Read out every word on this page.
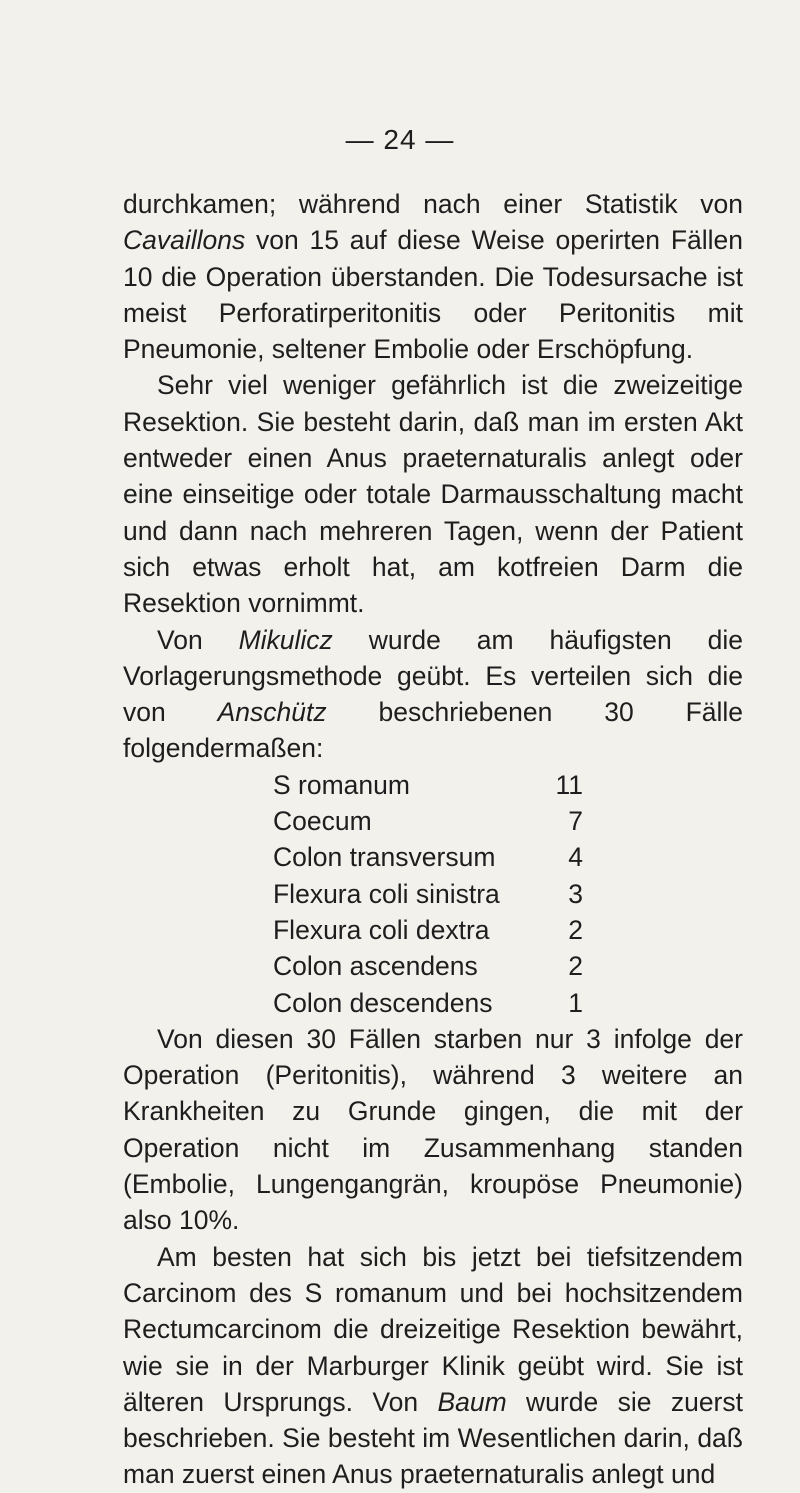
— 24 —

durchkamen; während nach einer Statistik von Cavaillons von 15 auf diese Weise operirten Fällen 10 die Operation überstanden. Die Todesursache ist meist Perforatirperitonitis oder Peritonitis mit Pneumonie, seltener Embolie oder Erschöpfung.

Sehr viel weniger gefährlich ist die zweizeitige Resektion. Sie besteht darin, daß man im ersten Akt entweder einen Anus praeternaturalis anlegt oder eine einseitige oder totale Darmausschaltung macht und dann nach mehreren Tagen, wenn der Patient sich etwas erholt hat, am kotfreien Darm die Resektion vornimmt.

Von Mikulicz wurde am häufigsten die Vorlagerungsmethode geübt. Es verteilen sich die von Anschütz beschriebenen 30 Fälle folgendermaßen:

S romanum	11
Coecum	7
Colon transversum	4
Flexura coli sinistra	3
Flexura coli dextra	2
Colon ascendens	2
Colon descendens	1

Von diesen 30 Fällen starben nur 3 infolge der Operation (Peritonitis), während 3 weitere an Krankheiten zu Grunde gingen, die mit der Operation nicht im Zusammenhang standen (Embolie, Lungengangrän, kroupöse Pneumonie) also 10%.

Am besten hat sich bis jetzt bei tiefsitzendem Carcinom des S romanum und bei hochsitzendem Rectumcarcinom die dreizeitige Resektion bewährt, wie sie in der Marburger Klinik geübt wird. Sie ist älteren Ursprungs. Von Baum wurde sie zuerst beschrieben. Sie besteht im Wesentlichen darin, daß man zuerst einen Anus praeternaturalis anlegt und
